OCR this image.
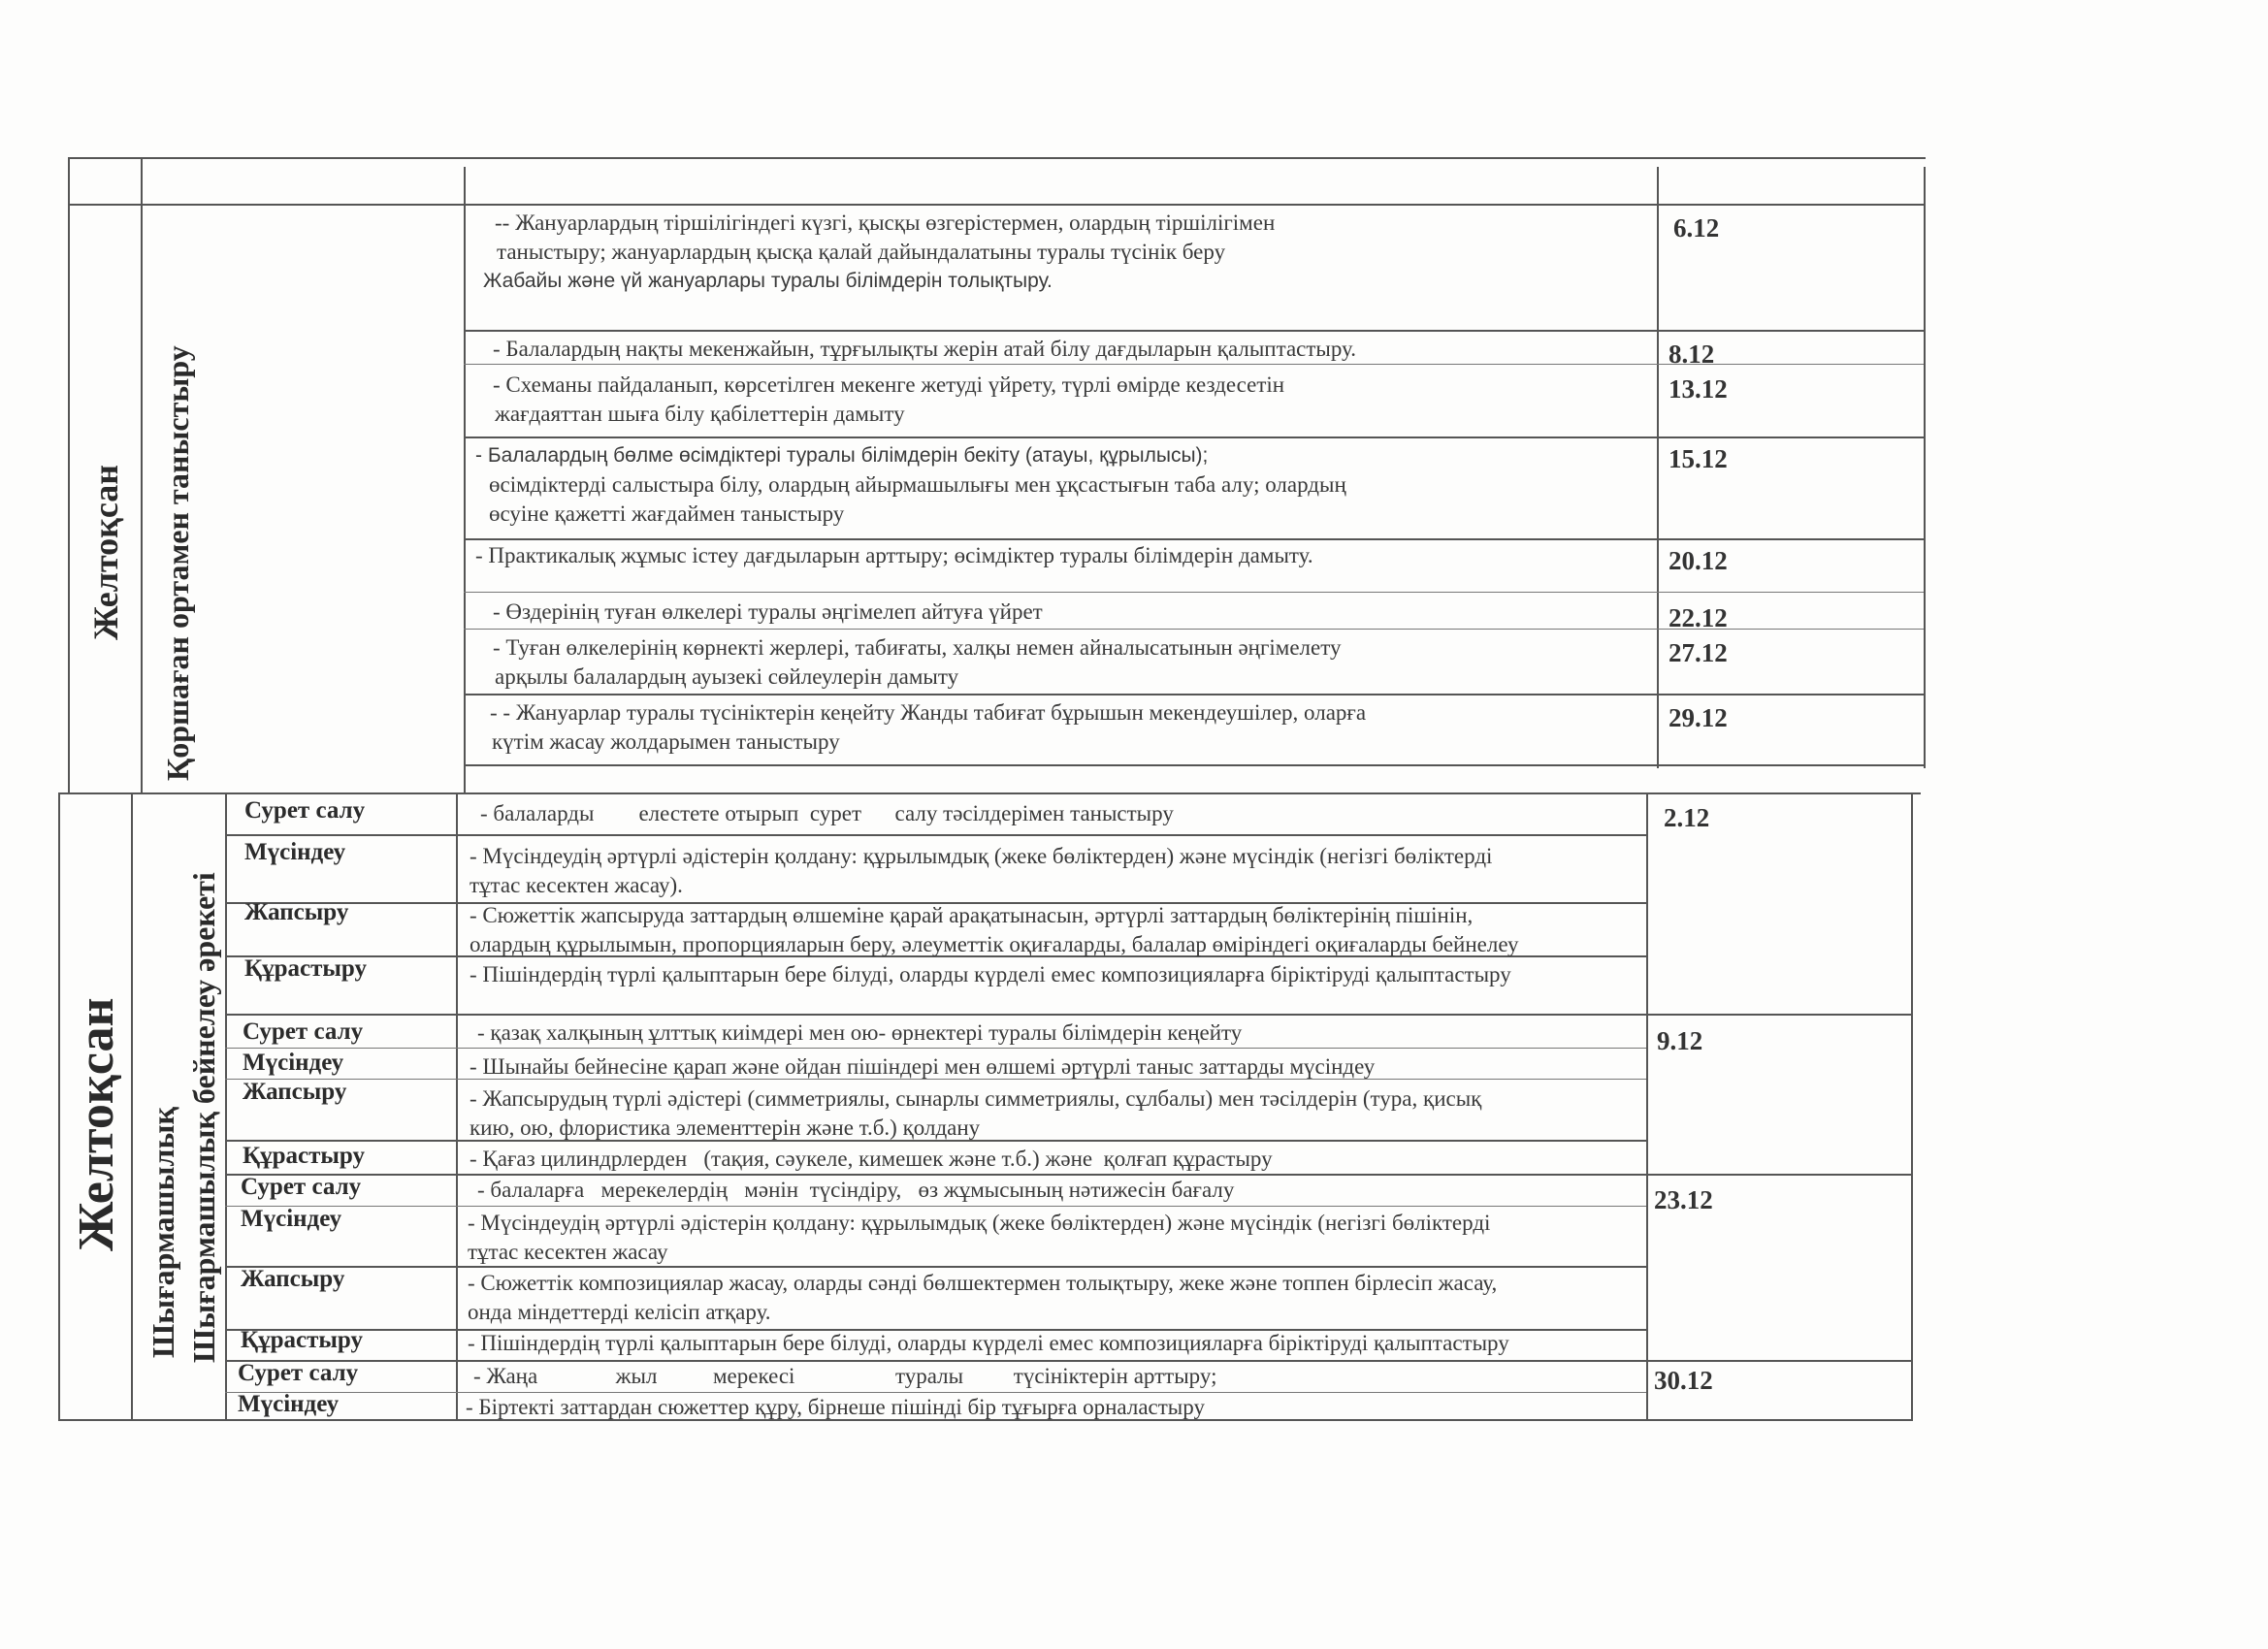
Желтоқсан Қоршаған ортамен таныстыру
-- Жануарлардың тіршілігіндегі күзгі, қысқы өзгерістермен, олардың тіршілігімен
таныстыру; жануарлардың қысқа қалай дайындалатыны туралы түсінік беру
Жабайы және үй жануарлары туралы білімдерін толықтыру.
6.12
- Балалардың нақты мекенжайын, тұрғылықты жерін атай білу дағдыларын қалыптастыру.	8.12
- Схеманы пайдаланып, көрсетілген мекенге жетуді үйрету, түрлі өмірде кездесетін
жағдаяттан шыға білу қабілеттерін дамыту
13.12
- Балалардың бөлме өсімдіктері туралы білімдерін бекіту (атауы, құрылысы);
өсімдіктерді салыстыра білу, олардың айырмашылығы мен ұқсастығын таба алу; олардың
өсуіне қажетті жағдаймен таныстыру
15.12
- Практикалық жұмыс істеу дағдыларын арттыру; өсімдіктер туралы білімдерін дамыту.	20.12
- Өздерінің туған өлкелері туралы әңгімелеп айтуға үйрет	22.12
- Туған өлкелерінің көрнекті жерлері, табиғаты, халқы немен айналысатынын әңгімелету
арқылы балалардың ауызекі сөйлеулерін дамыту
27.12
- - Жануарлар туралы түсініктерін кеңейту Жанды табиғат бұрышын мекендеушілер, оларға
күтім жасау жолдарымен таныстыру
29.12
Желтоқсан Шығармашылық Шығармашылық бейнелеу әрекеті
Сурет салу	- балаларды        елестете отырып  сурет      салу тәсілдерімен таныстыру
Мүсіндеу	- Мүсіндеудің әртүрлі әдістерін қолдану: құрылымдық (жеке бөліктерден) және мүсіндік (негізгі бөліктерді
тұтас кесектен жасау).
Жапсыру	- Сюжеттік жапсыруда заттардың өлшеміне қарай арақатынасын, әртүрлі заттардың бөліктерінің пішінін,
олардың құрылымын, пропорцияларын беру, әлеуметтік оқиғаларды, балалар өміріндегі оқиғаларды бейнелеу
Құрастыру	- Пішіндердің түрлі қалыптарын бере білуді, оларды күрделі емес композицияларға біріктіруді қалыптастыру
2.12
Сурет салу	- қазақ халқының ұлттық киімдері мен ою- өрнектері туралы білімдерін кеңейту
Мүсіндеу	- Шынайы бейнесіне қарап және ойдан пішіндері мен өлшемі әртүрлі таныс заттарды мүсіндеу
Жапсыру	- Жапсырудың түрлі әдістері (симметриялы, сынарлы симметриялы, сұлбалы) мен тәсілдерін (тура, қисық
кию, ою, флористика элементтерін және т.б.) қолдану
Құрастыру	- Қағаз цилиндрлерден   (тақия, сәукеле, кимешек және т.б.) және  қолғап құрастыру
9.12
Сурет салу	- балаларға   мерекелердің   мәнін  түсіндіру,   өз жұмысының нәтижесін бағалу
Мүсіндеу	- Мүсіндеудің әртүрлі әдістерін қолдану: құрылымдық (жеке бөліктерден) және мүсіндік (негізгі бөліктерді
тұтас кесектен жасау
Жапсыру	- Сюжеттік композициялар жасау, оларды сәнді бөлшектермен толықтыру, жеке және топпен бірлесіп жасау,
онда міндеттерді келісіп атқару.
Құрастыру	- Пішіндердің түрлі қалыптарын бере білуді, оларды күрделі емес композицияларға біріктіруді қалыптастыру
23.12
Сурет салу	- Жаңа              жыл          мерекесі                  туралы         түсініктерін арттыру;
Мүсіндеу	- Біртекті заттардан сюжеттер құру, бірнеше пішінді бір тұғырға орналастыру
30.12
